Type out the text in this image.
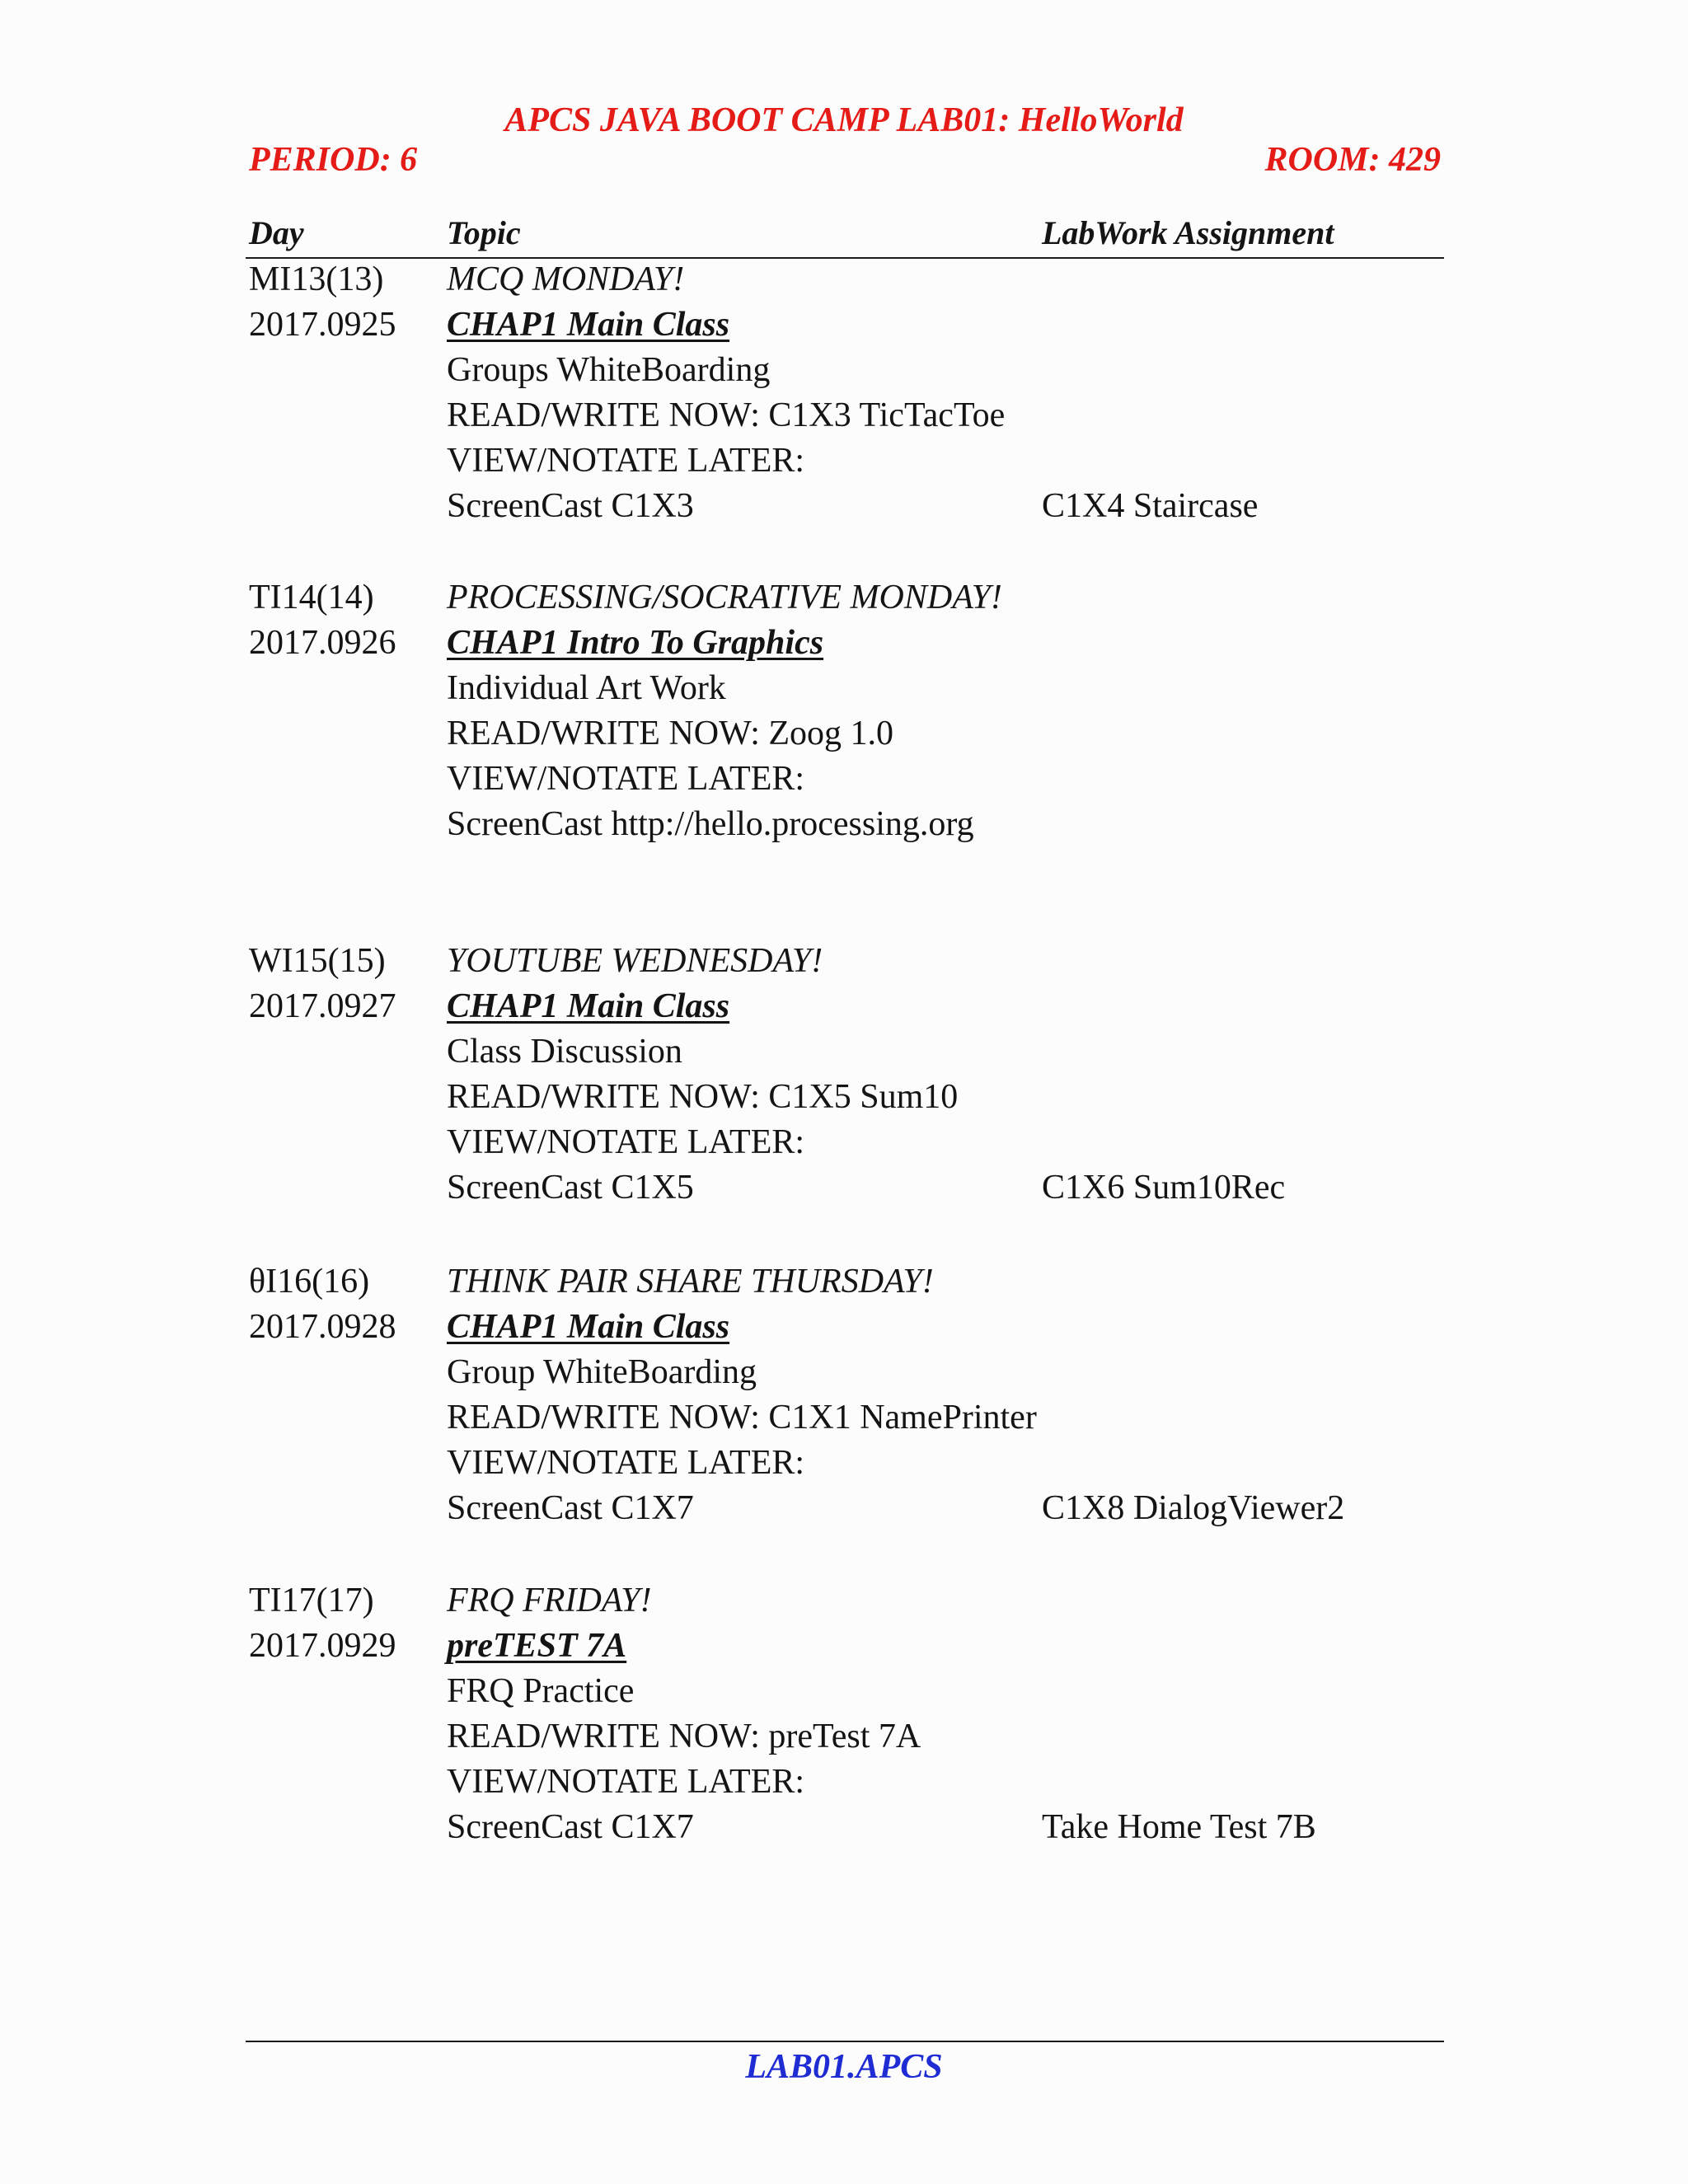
APCS JAVA BOOT CAMP LAB01: HelloWorld
PERIOD: 6	ROOM: 429
Day	Topic	LabWork Assignment
MI13(13) MCQ MONDAY!
2017.0925 CHAP1 Main Class
Groups WhiteBoarding
READ/WRITE NOW: C1X3 TicTacToe
VIEW/NOTATE LATER:
ScreenCast C1X3	C1X4 Staircase
TI14(14) PROCESSING/SOCRATIVE MONDAY!
2017.0926 CHAP1 Intro To Graphics
Individual Art Work
READ/WRITE NOW: Zoog 1.0
VIEW/NOTATE LATER:
ScreenCast http://hello.processing.org
WI15(15) YOUTUBE WEDNESDAY!
2017.0927 CHAP1 Main Class
Class Discussion
READ/WRITE NOW: C1X5 Sum10
VIEW/NOTATE LATER:
ScreenCast C1X5	C1X6 Sum10Rec
θI16(16) THINK PAIR SHARE THURSDAY!
2017.0928 CHAP1 Main Class
Group WhiteBoarding
READ/WRITE NOW: C1X1 NamePrinter
VIEW/NOTATE LATER:
ScreenCast C1X7	C1X8 DialogViewer2
TI17(17) FRQ FRIDAY!
2017.0929 preTEST 7A
FRQ Practice
READ/WRITE NOW: preTest 7A
VIEW/NOTATE LATER:
ScreenCast C1X7	Take Home Test 7B
LAB01.APCS
